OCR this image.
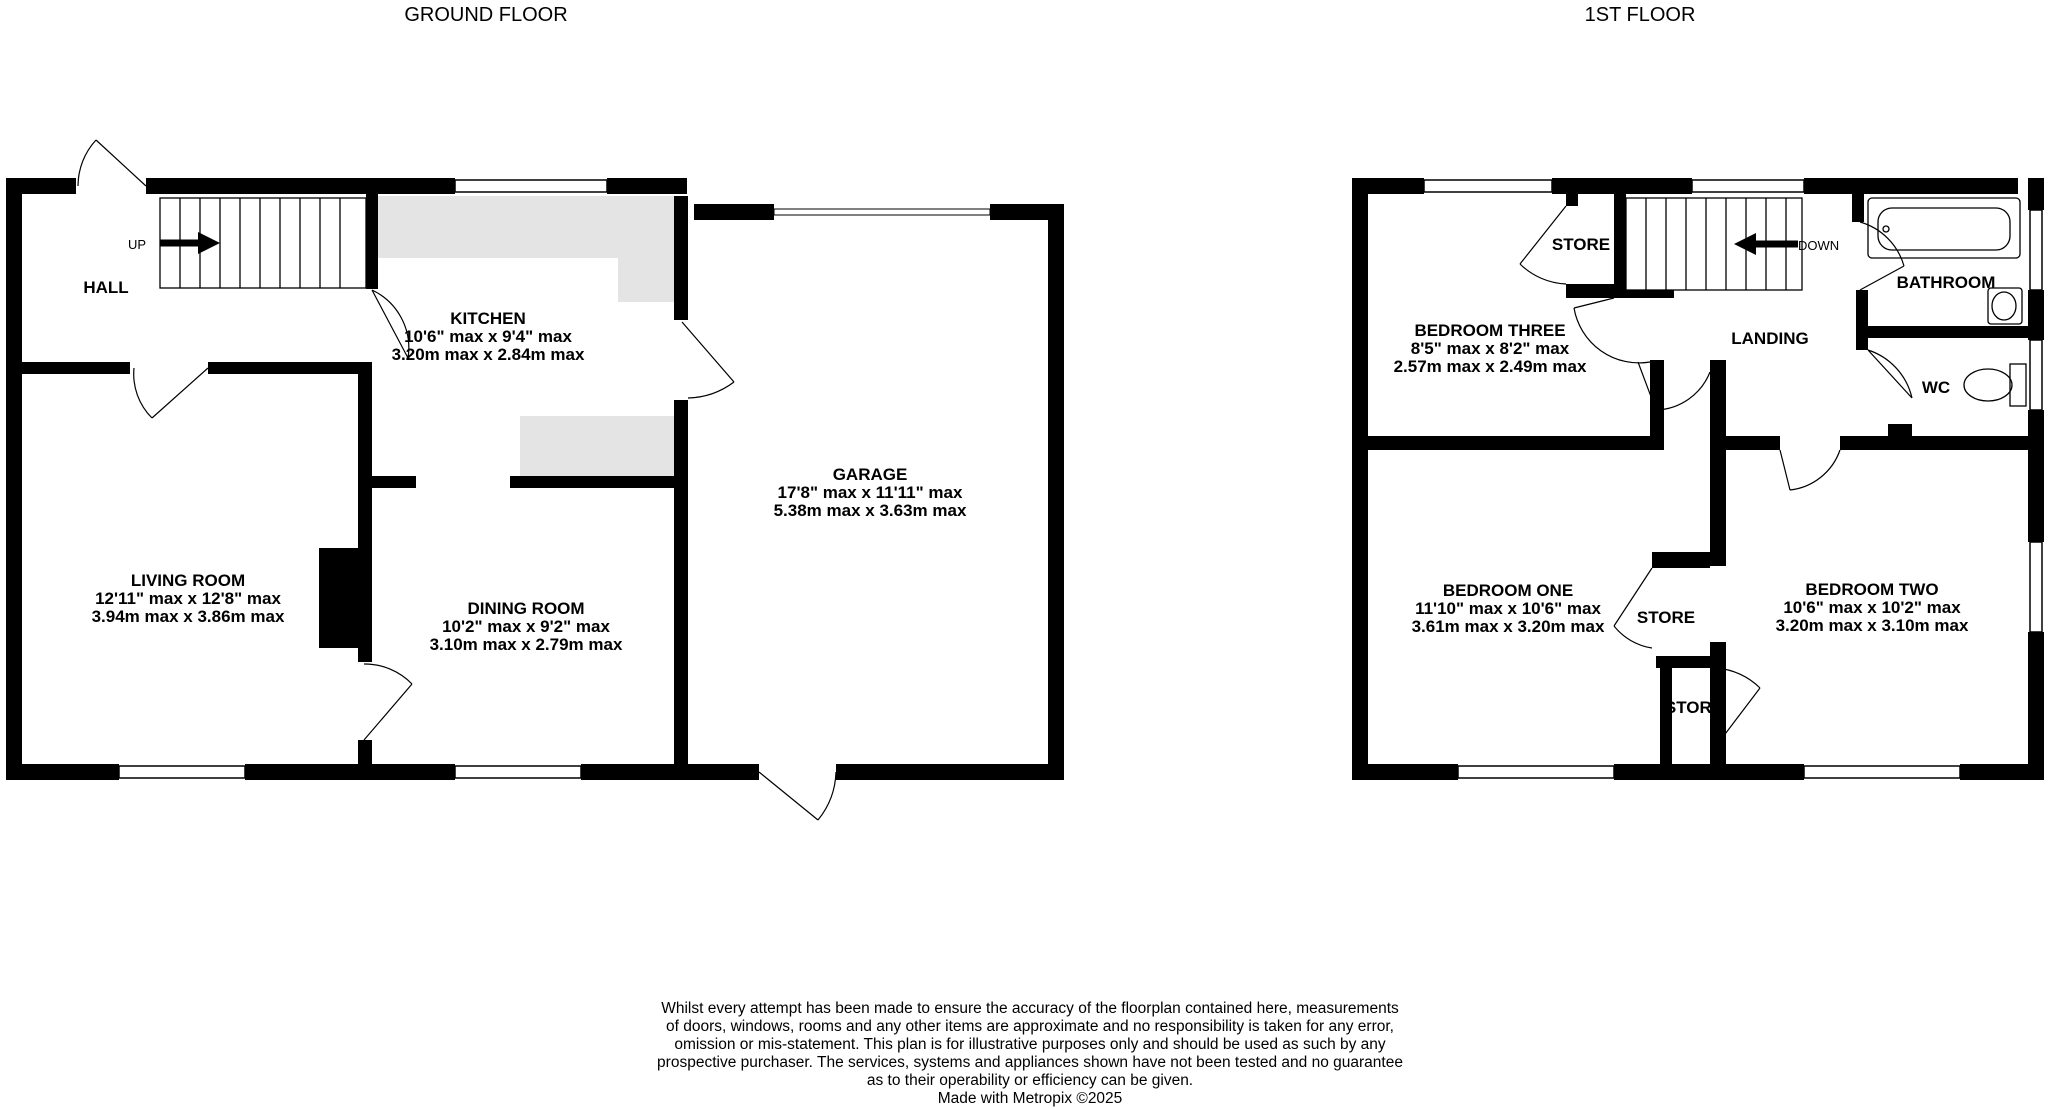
GROUND FLOOR
UP
HALL
KITCHEN
10'6" max x 9'4" max
3.20m max x 2.84m max
LIVING ROOM
12'11" max x 12'8" max
3.94m max x 3.86m max	DINING ROOM
10'2" max x 9'2" max
3.10m max x 2.79m max
GARAGE
17'8" max x 11'11" max
5.38m max x 3.63m max
1ST FLOOR
DOWN
BEDROOM THREE
8'5" max x 8'2" max
2.57m max x 2.49m max
STORE
LANDING
BATHROOM
WC
BEDROOM ONE
11'10" max x 10'6" max
3.61m max x 3.20m max STORE
STORE
BEDROOM TWO
10'6" max x 10'2" max
3.20m max x 3.10m max
Whilst every attempt has been made to ensure the accuracy of the floorplan contained here, measurements
of doors, windows, rooms and any other items are approximate and no responsibility is taken for any error,
omission or mis-statement. This plan is for illustrative purposes only and should be used as such by any
prospective purchaser. The services, systems and appliances shown have not been tested and no guarantee
as to their operability or efficiency can be given.
Made with Metropix ©2025
